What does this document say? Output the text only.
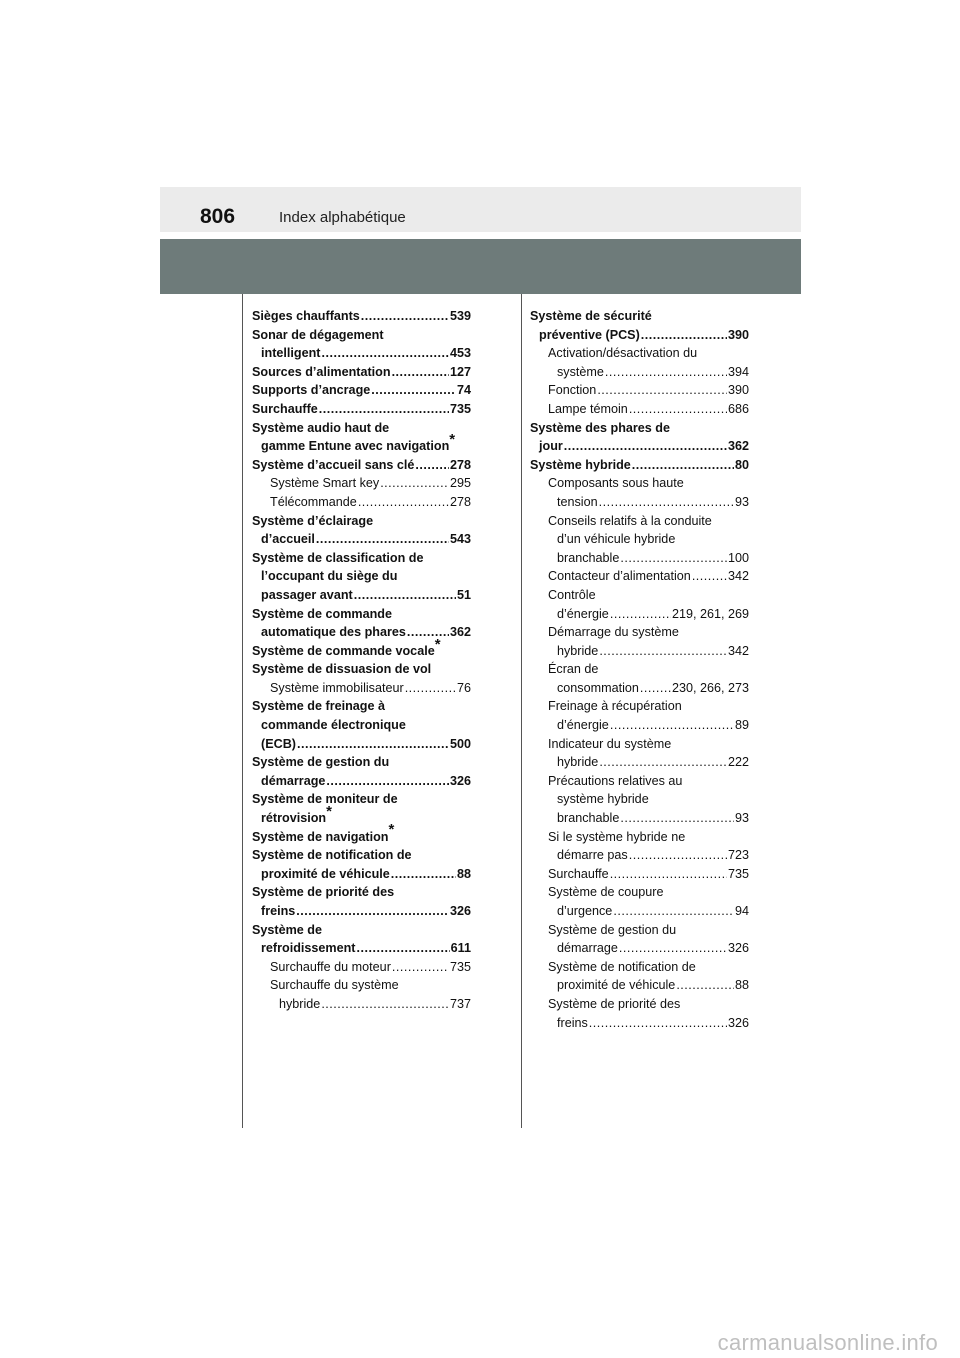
806	Index alphabétique
Sièges chauffants .....	539
Sonar de dégagement
intelligent .....	453
Sources d’alimentation .....	127
Supports d’ancrage .....	74
Surchauffe .....	735
Système audio haut de
gamme Entune avec navigation*
Système d’accueil sans clé .....	278
Système Smart key .....	295
Télécommande .....	278
Système d’éclairage
d’accueil .....	543
Système de classification de
l’occupant du siège du
passager avant .....	51
Système de commande
automatique des phares .....	362
Système de commande vocale*
Système de dissuasion de vol
Système immobilisateur .....	76
Système de freinage à
commande électronique
(ECB) .....	500
Système de gestion du
démarrage .....	326
Système de moniteur de
rétrovision*
Système de navigation*
Système de notification de
proximité de véhicule .....	88
Système de priorité des
freins .....	326
Système de
refroidissement .....	611
Surchauffe du moteur .....	735
Surchauffe du système
hybride .....	737
Système de sécurité
préventive (PCS) .....	390
Activation/désactivation du
système .....	394
Fonction .....	390
Lampe témoin .....	686
Système des phares de
jour .....	362
Système hybride .....	80
Composants sous haute
tension .....	93
Conseils relatifs à la conduite
d’un véhicule hybride
branchable .....	100
Contacteur d’alimentation .....	342
Contrôle
d’énergie .....	219, 261, 269
Démarrage du système
hybride .....	342
Écran de
consommation .....	230, 266, 273
Freinage à récupération
d’énergie .....	89
Indicateur du système
hybride .....	222
Précautions relatives au
système hybride
branchable .....	93
Si le système hybride ne
démarre pas .....	723
Surchauffe .....	735
Système de coupure
d’urgence .....	94
Système de gestion du
démarrage .....	326
Système de notification de
proximité de véhicule .....	88
Système de priorité des
freins .....	326
carmanualsonline.info
